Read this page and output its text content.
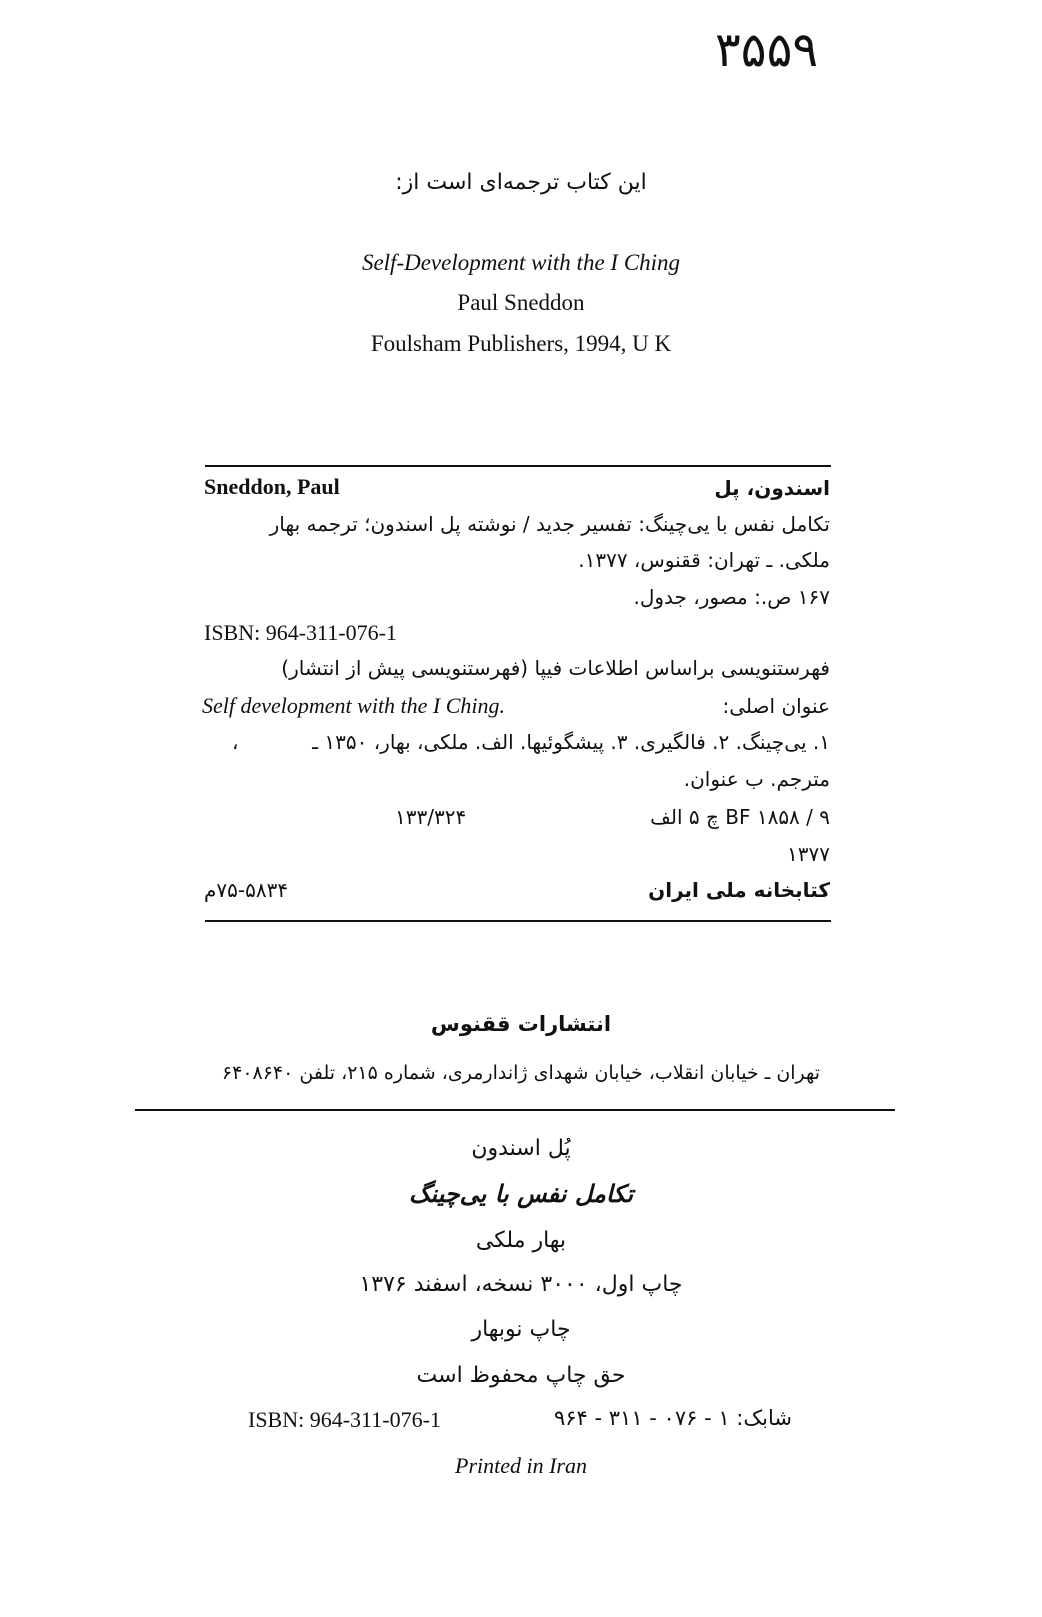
۳۵۵۹
این کتاب ترجمه‌ای است از:
Self-Development with the I Ching
Paul Sneddon
Foulsham Publishers, 1994, U K
Sneddon, Paul	اسندون، پل
تکامل نفس با یی‌چینگ: تفسیر جدید / نوشته پل اسندون؛ ترجمه بهار
ملکی. ـ تهران: ققنوس، ۱۳۷۷.
۱۶۷ ص.: مصور، جدول.
ISBN: 964-311-076-1
فهرستنویسی براساس اطلاعات فیپا (فهرستنویسی پیش از انتشار)
Self development with the I Ching.	عنوان اصلی:
،	۱. یی‌چینگ. ۲. فالگیری. ۳. پیشگوئیها. الف. ملکی، بهار، ۱۳۵۰ ـ
مترجم. ب عنوان.
۱۳۳/۳۲۴	BF ۱۸۵۸ / ۹ چ ۵ الف
۱۳۷۷
۷۵-۵۸۳۴م	کتابخانه ملی ایران
انتشارات ققنوس
تهران ـ خیابان انقلاب، خیابان شهدای ژاندارمری، شماره ۲۱۵، تلفن ۶۴۰۸۶۴۰
پُل اسندون
تکامل نفس با یی‌چینگ
بهار ملکی
چاپ اول، ۳۰۰۰ نسخه، اسفند ۱۳۷۶
چاپ نوبهار
حق چاپ محفوظ است
ISBN: 964-311-076-1	شابک: ۱ - ۰۷۶ - ۳۱۱ - ۹۶۴
Printed in Iran
